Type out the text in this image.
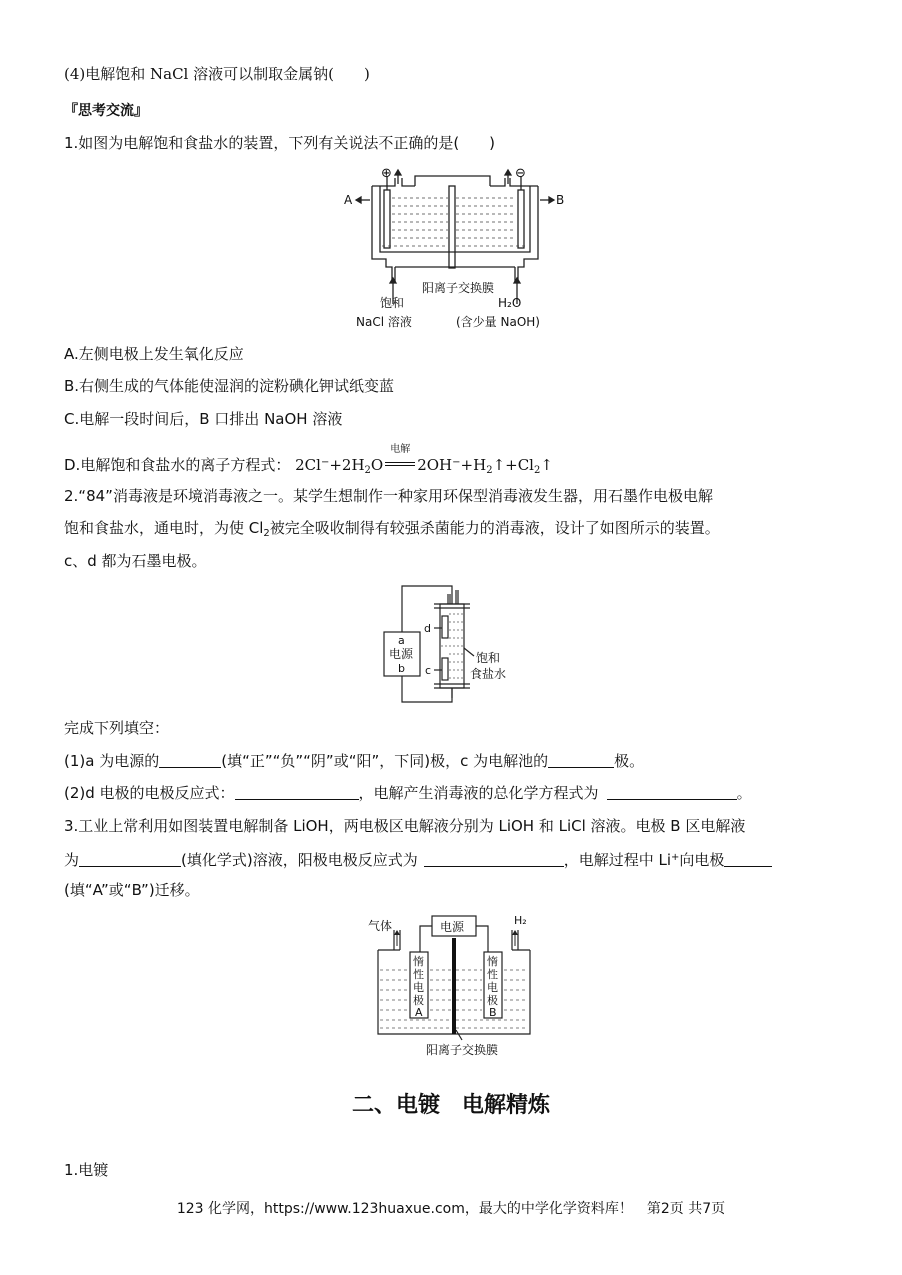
(4)电解饱和 NaCl 溶液可以制取金属钠(　　)
『思考交流』
1.如图为电解饱和食盐水的装置，下列有关说法不正确的是(　　)
⊕	⊖
A	B
阳离子交换膜
饱和
NaCl 溶液
H₂O
(含少量 NaOH)
A.左侧电极上发生氧化反应
B.右侧生成的气体能使湿润的淀粉碘化钾试纸变蓝
C.电解一段时间后，B 口排出 NaOH 溶液
D.电解饱和食盐水的离子方程式： $2Cl^-+2H_2O$
电解
$2OH^-+H_2↑+Cl_2↑$
2.“84”消毒液是环境消毒液之一。某学生想制作一种家用环保型消毒液发生器，用石墨作电极电解
饱和食盐水，通电时，为使 $Cl_2$被完全吸收制得有较强杀菌能力的消毒液，设计了如图所示的装置。
c、d 都为石墨电极。
a
电源
b
d
c
饱和
食盐水
完成下列填空：
(1)a 为电源的	(填“正”“负”“阴”或“阳”，下同)极，c 为电解池的	极。
(2)d 电极的电极反应式：	，电解产生消毒液的总化学方程式为	。
3.工业上常利用如图装置电解制备 LiOH，两电极区电解液分别为 LiOH 和 LiCl 溶液。电极 B 区电解液
为	(填化学式)溶液，阳极电极反应式为	，电解过程中 Li+向电极
(填“A”或“B”)迁移。
气体	电源	H₂
惰 性 电 极 A
惰 性 电 极 B
阳离子交换膜
二、电镀　电解精炼
1.电镀
123 化学网，https://www.123huaxue.com，最大的中学化学资料库！　第2页 共7页
